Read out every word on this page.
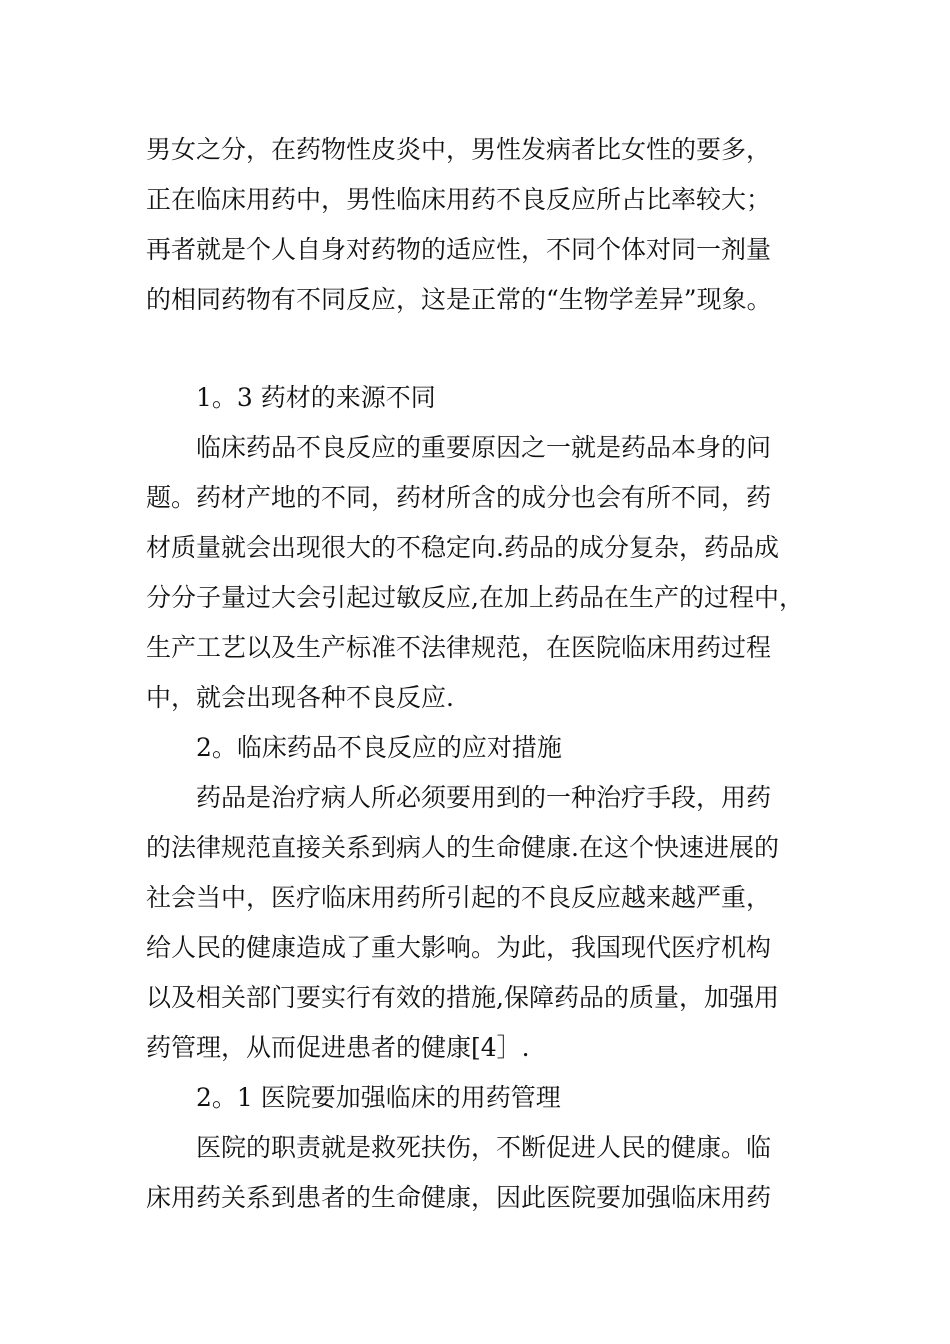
男女之分，在药物性皮炎中，男性发病者比女性的要多，
正在临床用药中，男性临床用药不良反应所占比率较大；
再者就是个人自身对药物的适应性，不同个体对同一剂量
的相同药物有不同反应，这是正常的“生物学差异”现象。
1。3 药材的来源不同
临床药品不良反应的重要原因之一就是药品本身的问
题。药材产地的不同，药材所含的成分也会有所不同，药
材质量就会出现很大的不稳定向.药品的成分复杂，药品成
分分子量过大会引起过敏反应,在加上药品在生产的过程中，
生产工艺以及生产标准不法律规范，在医院临床用药过程
中，就会出现各种不良反应.
2。临床药品不良反应的应对措施
药品是治疗病人所必须要用到的一种治疗手段，用药
的法律规范直接关系到病人的生命健康.在这个快速进展的
社会当中，医疗临床用药所引起的不良反应越来越严重，
给人民的健康造成了重大影响。为此，我国现代医疗机构
以及相关部门要实行有效的措施,保障药品的质量，加强用
药管理，从而促进患者的健康[4］.
2。1 医院要加强临床的用药管理
医院的职责就是救死扶伤，不断促进人民的健康。临
床用药关系到患者的生命健康，因此医院要加强临床用药
